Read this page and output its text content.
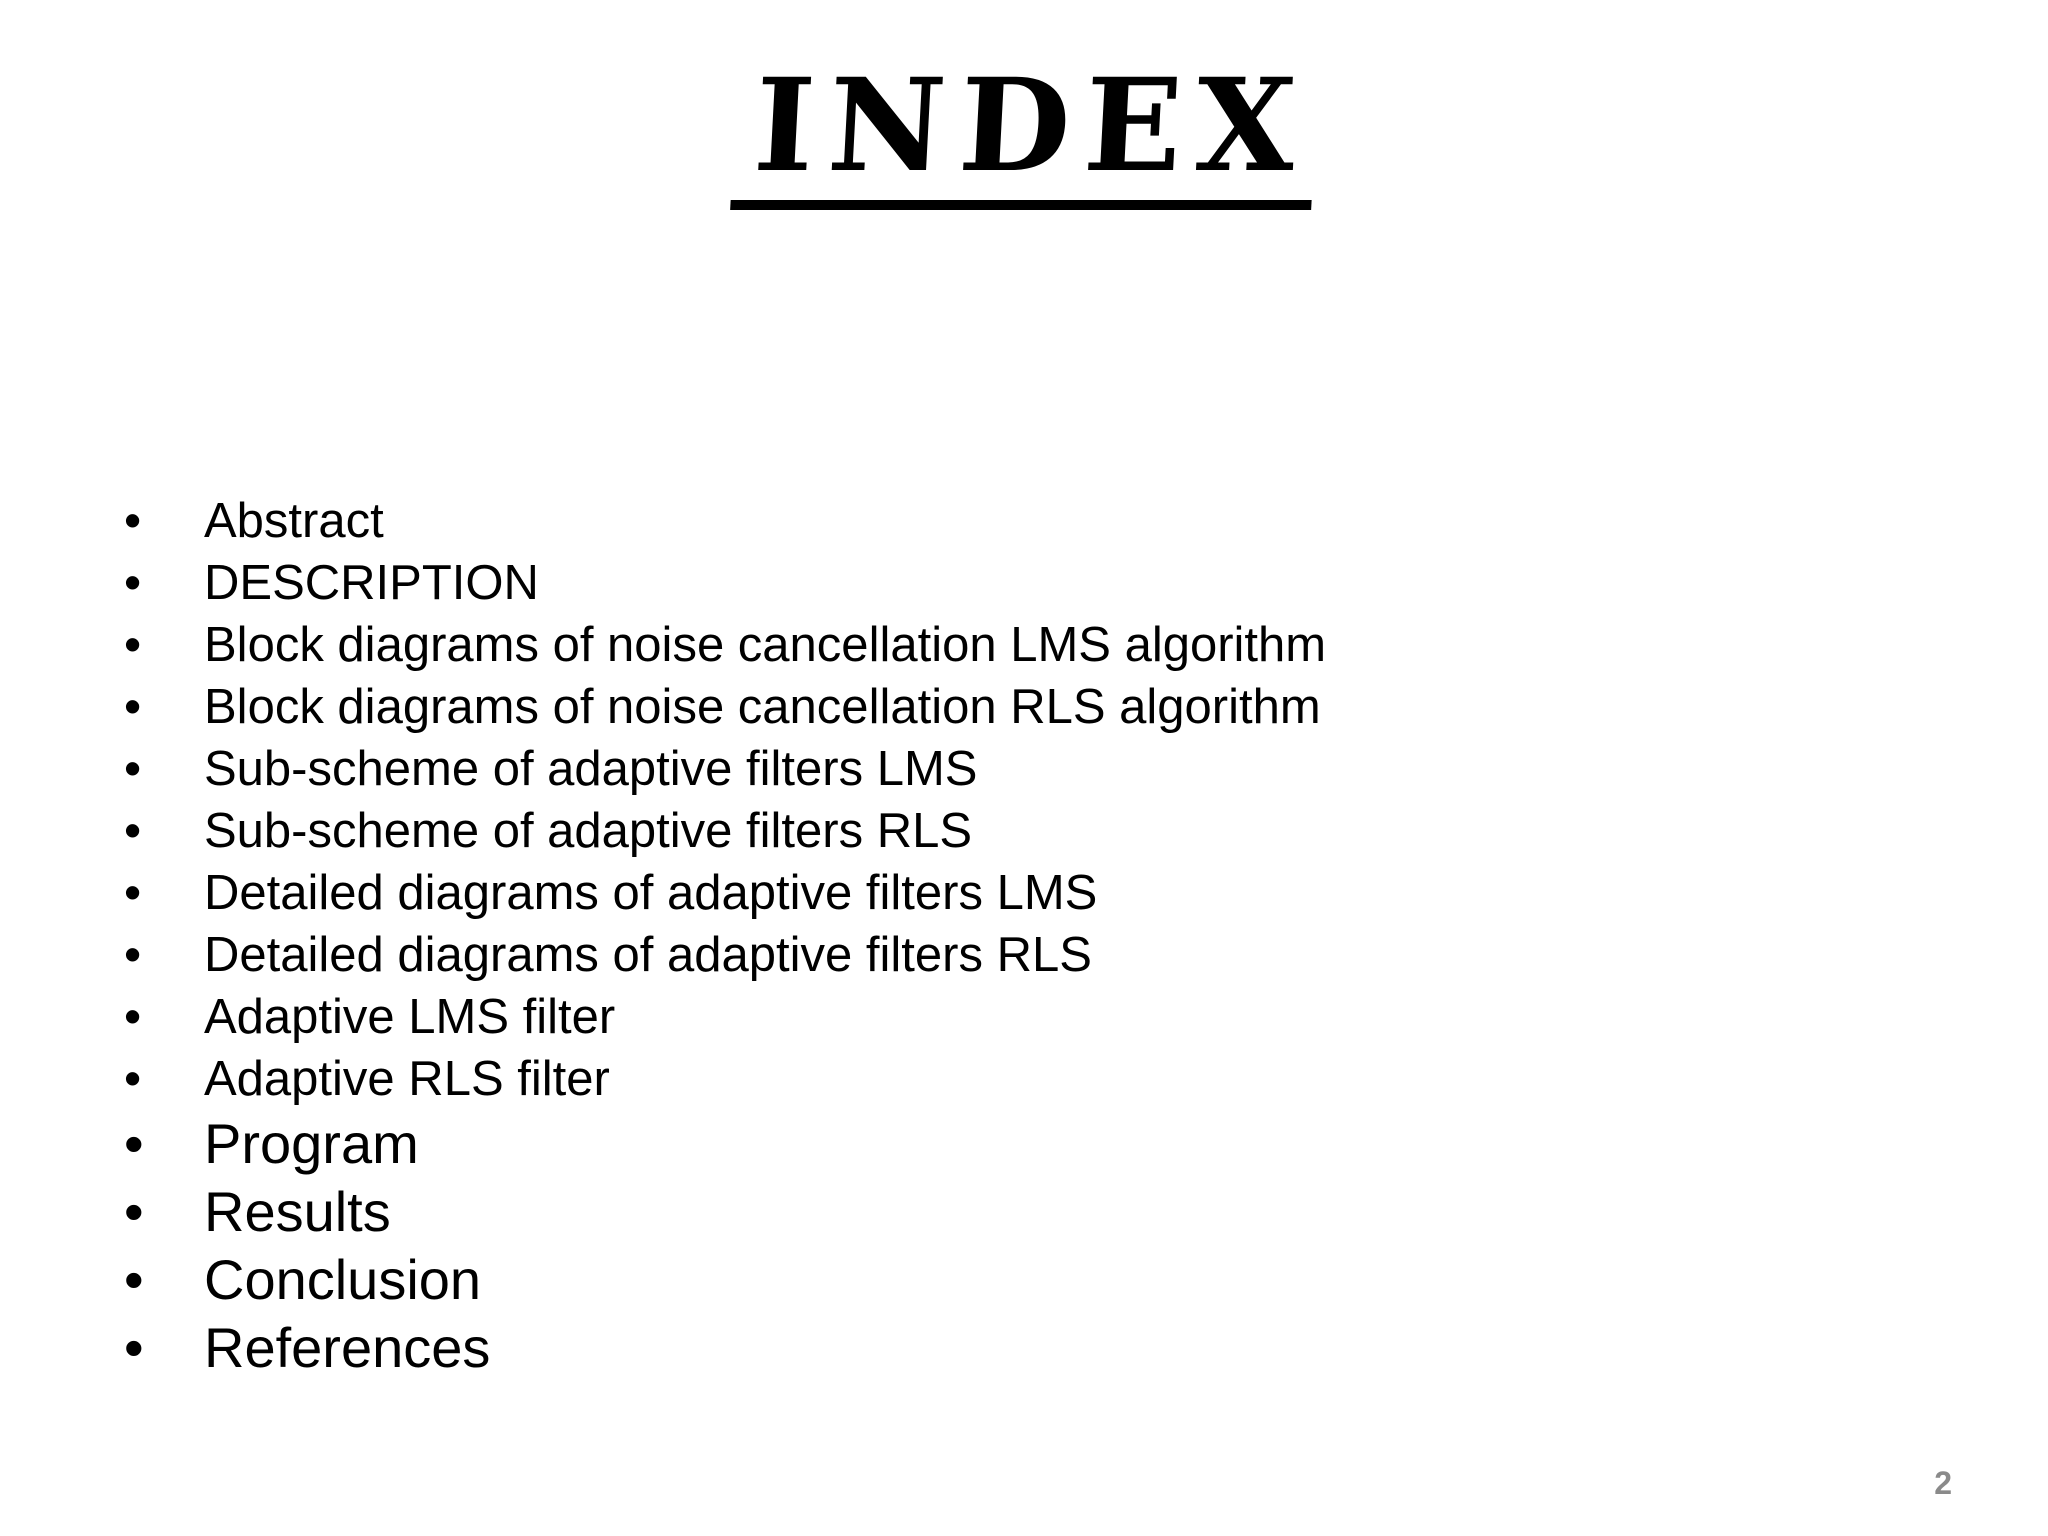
INDEX
•	Abstract
•	DESCRIPTION
•	Block diagrams of noise cancellation LMS algorithm
•	Block diagrams of noise cancellation RLS algorithm
•	Sub-scheme of adaptive filters LMS
•	Sub-scheme of adaptive filters RLS
•	Detailed diagrams of adaptive filters LMS
•	Detailed diagrams of adaptive filters RLS
•	Adaptive LMS filter
•	Adaptive RLS filter
•	Program
•	Results
•	Conclusion
•	References
2
